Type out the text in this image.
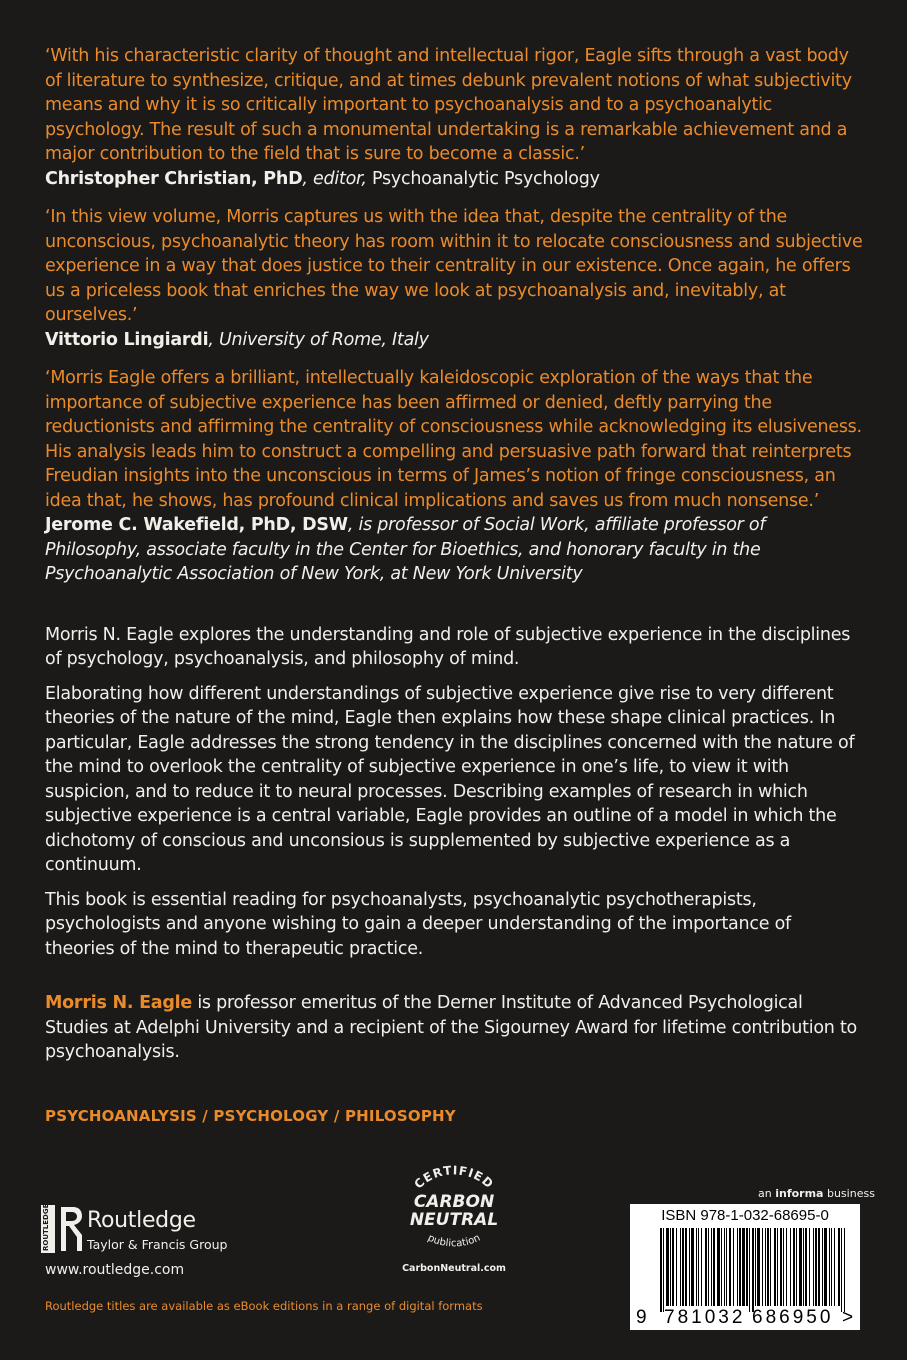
‘With his characteristic clarity of thought and intellectual rigor, Eagle sifts through a vast body of literature to synthesize, critique, and at times debunk prevalent notions of what subjectivity means and why it is so critically important to psychoanalysis and to a psychoanalytic psychology. The result of such a monumental undertaking is a remarkable achievement and a major contribution to the field that is sure to become a classic.’
Christopher Christian, PhD, editor, Psychoanalytic Psychology
‘In this view volume, Morris captures us with the idea that, despite the centrality of the unconscious, psychoanalytic theory has room within it to relocate consciousness and subjective experience in a way that does justice to their centrality in our existence. Once again, he offers us a priceless book that enriches the way we look at psychoanalysis and, inevitably, at ourselves.’
Vittorio Lingiardi, University of Rome, Italy
‘Morris Eagle offers a brilliant, intellectually kaleidoscopic exploration of the ways that the importance of subjective experience has been affirmed or denied, deftly parrying the reductionists and affirming the centrality of consciousness while acknowledging its elusiveness. His analysis leads him to construct a compelling and persuasive path forward that reinterprets Freudian insights into the unconscious in terms of James’s notion of fringe consciousness, an idea that, he shows, has profound clinical implications and saves us from much nonsense.’
Jerome C. Wakefield, PhD, DSW, is professor of Social Work, affiliate professor of Philosophy, associate faculty in the Center for Bioethics, and honorary faculty in the Psychoanalytic Association of New York, at New York University

Morris N. Eagle explores the understanding and role of subjective experience in the disciplines of psychology, psychoanalysis, and philosophy of mind.

Elaborating how different understandings of subjective experience give rise to very different theories of the nature of the mind, Eagle then explains how these shape clinical practices. In particular, Eagle addresses the strong tendency in the disciplines concerned with the nature of the mind to overlook the centrality of subjective experience in one’s life, to view it with suspicion, and to reduce it to neural processes. Describing examples of research in which subjective experience is a central variable, Eagle provides an outline of a model in which the dichotomy of conscious and unconsious is supplemented by subjective experience as a continuum.

This book is essential reading for psychoanalysts, psychoanalytic psychotherapists, psychologists and anyone wishing to gain a deeper understanding of the importance of theories of the mind to therapeutic practice.

Morris N. Eagle is professor emeritus of the Derner Institute of Advanced Psychological Studies at Adelphi University and a recipient of the Sigourney Award for lifetime contribution to psychoanalysis.
PSYCHOANALYSIS / PSYCHOLOGY / PHILOSOPHY
ROUTLEDGE Routledge
Taylor & Francis Group
www.routledge.com
Routledge titles are available as eBook editions in a range of digital formats
CERTIFIED
CARBON
NEUTRAL
publication
CarbonNeutral.com
an informa business
ISBN 978-1-032-68695-0
9 781032 686950 >
